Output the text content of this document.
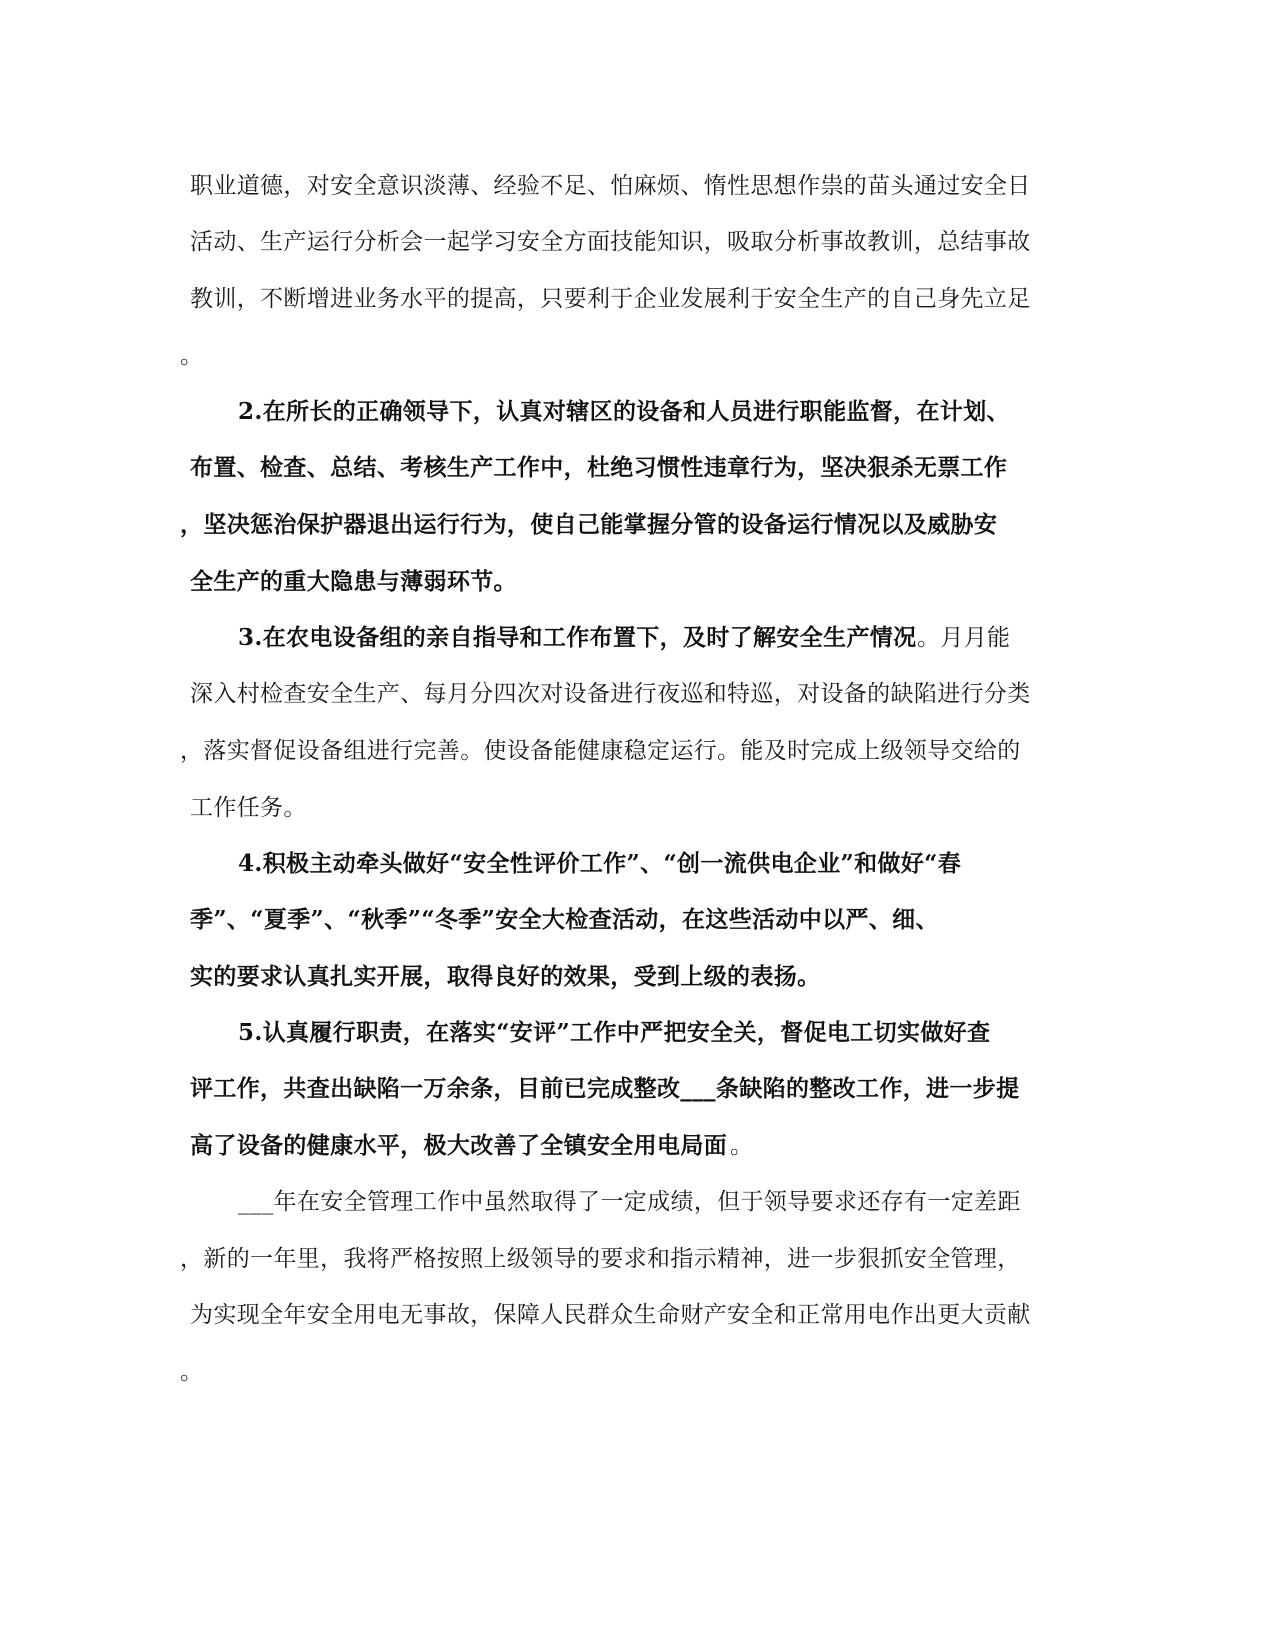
职业道德，对安全意识淡薄、经验不足、怕麻烦、惰性思想作祟的苗头通过安全日
活动、生产运行分析会一起学习安全方面技能知识，吸取分析事故教训，总结事故
教训，不断增进业务水平的提高，只要利于企业发展利于安全生产的自己身先立足
。
2.在所长的正确领导下，认真对辖区的设备和人员进行职能监督，在计划、
布置、检查、总结、考核生产工作中，杜绝习惯性违章行为，坚决狠杀无票工作
，坚决惩治保护器退出运行行为，使自己能掌握分管的设备运行情况以及威胁安
全生产的重大隐患与薄弱环节。
3.在农电设备组的亲自指导和工作布置下，及时了解安全生产情况 。月月能
深入村检查安全生产、每月分四次对设备进行夜巡和特巡，对设备的缺陷进行分类
，落实督促设备组进行完善。使设备能健康稳定运行。能及时完成上级领导交给的
工作任务。
4.积极主动牵头做好“安全性评价工作”、“创一流供电企业”和做好“春
季”、“夏季”、“秋季”“冬季”安全大检查活动，在这些活动中以严、细、
实的要求认真扎实开展，取得良好的效果，受到上级的表扬。
5.认真履行职责，在落实“安评”工作中严把安全关，督促电工切实做好查
评工作，共查出缺陷一万余条，目前已完成整改___条缺陷的整改工作，进一步提
高了设备的健康水平，极大改善了全镇安全用电局面 。
___年在安全管理工作中虽然取得了一定成绩，但于领导要求还存有一定差距
，新的一年里，我将严格按照上级领导的要求和指示精神，进一步狠抓安全管理，
为实现全年安全用电无事故，保障人民群众生命财产安全和正常用电作出更大贡献
。
